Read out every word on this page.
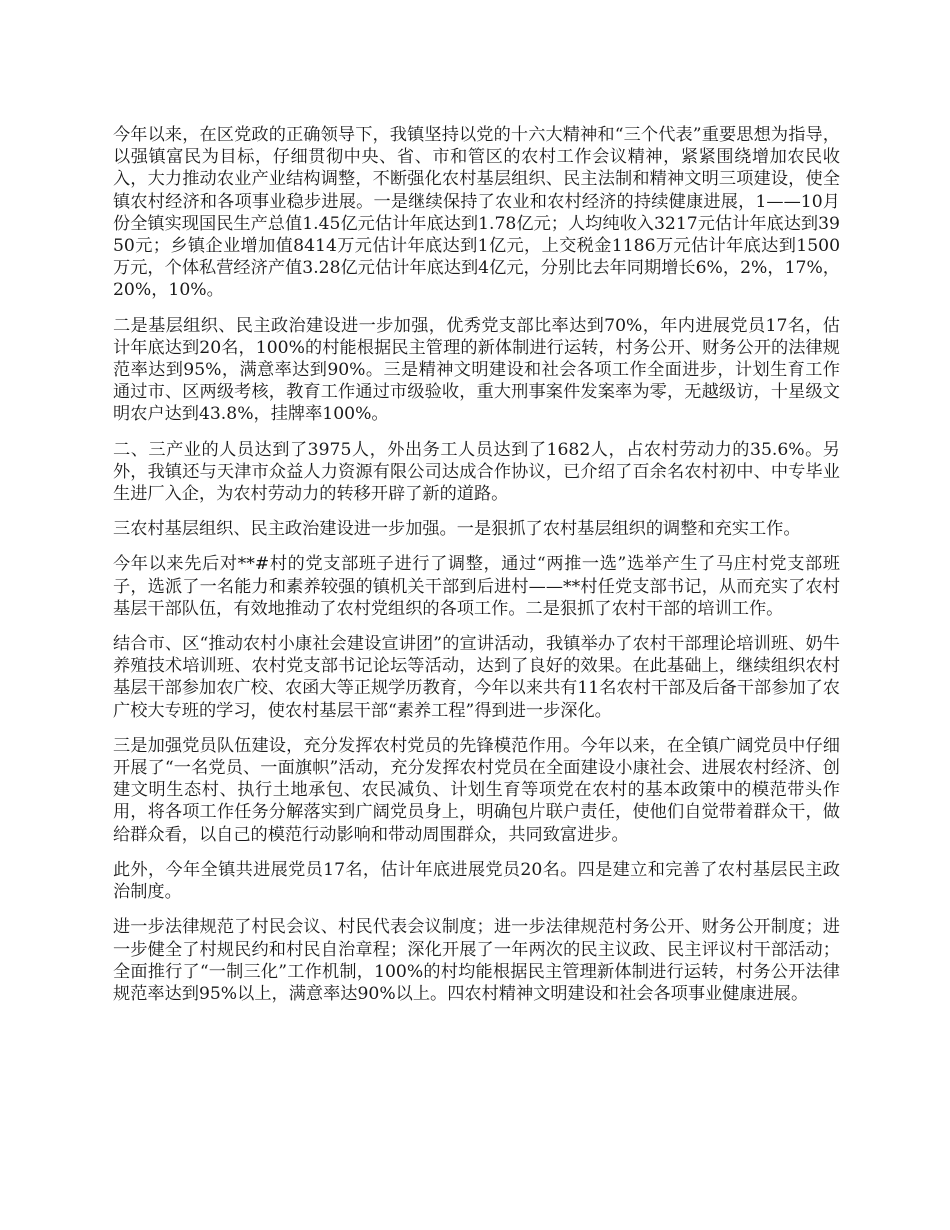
今年以来，在区党政的正确领导下，我镇坚持以党的十六大精神和“三个代表”重要思想为指导，以强镇富民为目标，仔细贯彻中央、省、市和管区的农村工作会议精神，紧紧围绕增加农民收入，大力推动农业产业结构调整，不断强化农村基层组织、民主法制和精神文明三项建设，使全镇农村经济和各项事业稳步进展。一是继续保持了农业和农村经济的持续健康进展，1——10月份全镇实现国民生产总值1.45亿元估计年底达到1.78亿元；人均纯收入3217元估计年底达到3950元；乡镇企业增加值8414万元估计年底达到1亿元，上交税金1186万元估计年底达到1500万元，个体私营经济产值3.28亿元估计年底达到4亿元，分别比去年同期增长6%，2%，17%，20%，10%。

二是基层组织、民主政治建设进一步加强，优秀党支部比率达到70%，年内进展党员17名，估计年底达到20名，100%的村能根据民主管理的新体制进行运转，村务公开、财务公开的法律规范率达到95%，满意率达到90%。三是精神文明建设和社会各项工作全面进步，计划生育工作通过市、区两级考核，教育工作通过市级验收，重大刑事案件发案率为零，无越级访，十星级文明农户达到43.8%，挂牌率100%。

二、三产业的人员达到了3975人，外出务工人员达到了1682人，占农村劳动力的35.6%。另外，我镇还与天津市众益人力资源有限公司达成合作协议，已介绍了百余名农村初中、中专毕业生进厂入企，为农村劳动力的转移开辟了新的道路。

三农村基层组织、民主政治建设进一步加强。一是狠抓了农村基层组织的调整和充实工作。

今年以来先后对**#村的党支部班子进行了调整，通过“两推一选”选举产生了马庄村党支部班子，选派了一名能力和素养较强的镇机关干部到后进村——**村任党支部书记，从而充实了农村基层干部队伍，有效地推动了农村党组织的各项工作。二是狠抓了农村干部的培训工作。

结合市、区“推动农村小康社会建设宣讲团”的宣讲活动，我镇举办了农村干部理论培训班、奶牛养殖技术培训班、农村党支部书记论坛等活动，达到了良好的效果。在此基础上，继续组织农村基层干部参加农广校、农函大等正规学历教育，今年以来共有11名农村干部及后备干部参加了农广校大专班的学习，使农村基层干部“素养工程”得到进一步深化。

三是加强党员队伍建设，充分发挥农村党员的先锋模范作用。今年以来，在全镇广阔党员中仔细开展了“一名党员、一面旗帜”活动，充分发挥农村党员在全面建设小康社会、进展农村经济、创建文明生态村、执行土地承包、农民减负、计划生育等项党在农村的基本政策中的模范带头作用，将各项工作任务分解落实到广阔党员身上，明确包片联户责任，使他们自觉带着群众干，做给群众看，以自己的模范行动影响和带动周围群众，共同致富进步。

此外，今年全镇共进展党员17名，估计年底进展党员20名。四是建立和完善了农村基层民主政治制度。

进一步法律规范了村民会议、村民代表会议制度；进一步法律规范村务公开、财务公开制度；进一步健全了村规民约和村民自治章程；深化开展了一年两次的民主议政、民主评议村干部活动；全面推行了“一制三化”工作机制，100%的村均能根据民主管理新体制进行运转，村务公开法律规范率达到95%以上，满意率达90%以上。四农村精神文明建设和社会各项事业健康进展。
